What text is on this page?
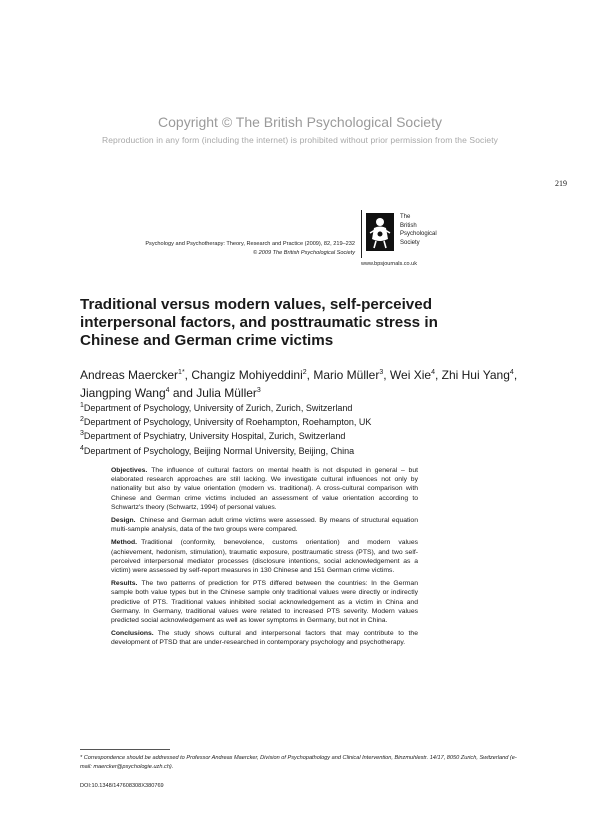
Copyright © The British Psychological Society
Reproduction in any form (including the internet) is prohibited without prior permission from the Society
219
Psychology and Psychotherapy: Theory, Research and Practice (2009), 82, 219–232
© 2009 The British Psychological Society
The
British
Psychological
Society
www.bpsjournals.co.uk
Traditional versus modern values, self-perceived interpersonal factors, and posttraumatic stress in Chinese and German crime victims
Andreas Maercker$^{1*}$, Changiz Mohiyeddini$^2$, Mario Müller$^3$, Wei Xie$^4$, Zhi Hui Yang$^4$, Jiangping Wang$^4$ and Julia Müller$^3$
$^1$Department of Psychology, University of Zurich, Zurich, Switzerland
$^2$Department of Psychology, University of Roehampton, Roehampton, UK
$^3$Department of Psychiatry, University Hospital, Zurich, Switzerland
$^4$Department of Psychology, Beijing Normal University, Beijing, China

Objectives. The influence of cultural factors on mental health is not disputed in general – but elaborated research approaches are still lacking. We investigate cultural influences not only by nationality but also by value orientation (modern vs. traditional). A cross-cultural comparison with Chinese and German crime victims included an assessment of value orientation according to Schwartz's theory (Schwartz, 1994) of personal values.

Design. Chinese and German adult crime victims were assessed. By means of structural equation multi-sample analysis, data of the two groups were compared.

Method. Traditional (conformity, benevolence, customs orientation) and modern values (achievement, hedonism, stimulation), traumatic exposure, posttraumatic stress (PTS), and two self-perceived interpersonal mediator processes (disclosure intentions, social acknowledgement as a victim) were assessed by self-report measures in 130 Chinese and 151 German crime victims.

Results. The two patterns of prediction for PTS differed between the countries: In the German sample both value types but in the Chinese sample only traditional values were directly or indirectly predictive of PTS. Traditional values inhibited social acknowledgement as a victim in China and Germany. In Germany, traditional values were related to increased PTS severity. Modern values predicted social acknowledgement as well as lower symptoms in Germany, but not in China.

Conclusions. The study shows cultural and interpersonal factors that may contribute to the development of PTSD that are under-researched in contemporary psychology and psychotherapy.

* Correspondence should be addressed to Professor Andreas Maercker, Division of Psychopathology and Clinical Intervention, Binzmuhlestr. 14/17, 8050 Zurich, Switzerland (e-mail: maercker@psychologie.uzh.ch).
DOI:10.1348/147608308X380769
